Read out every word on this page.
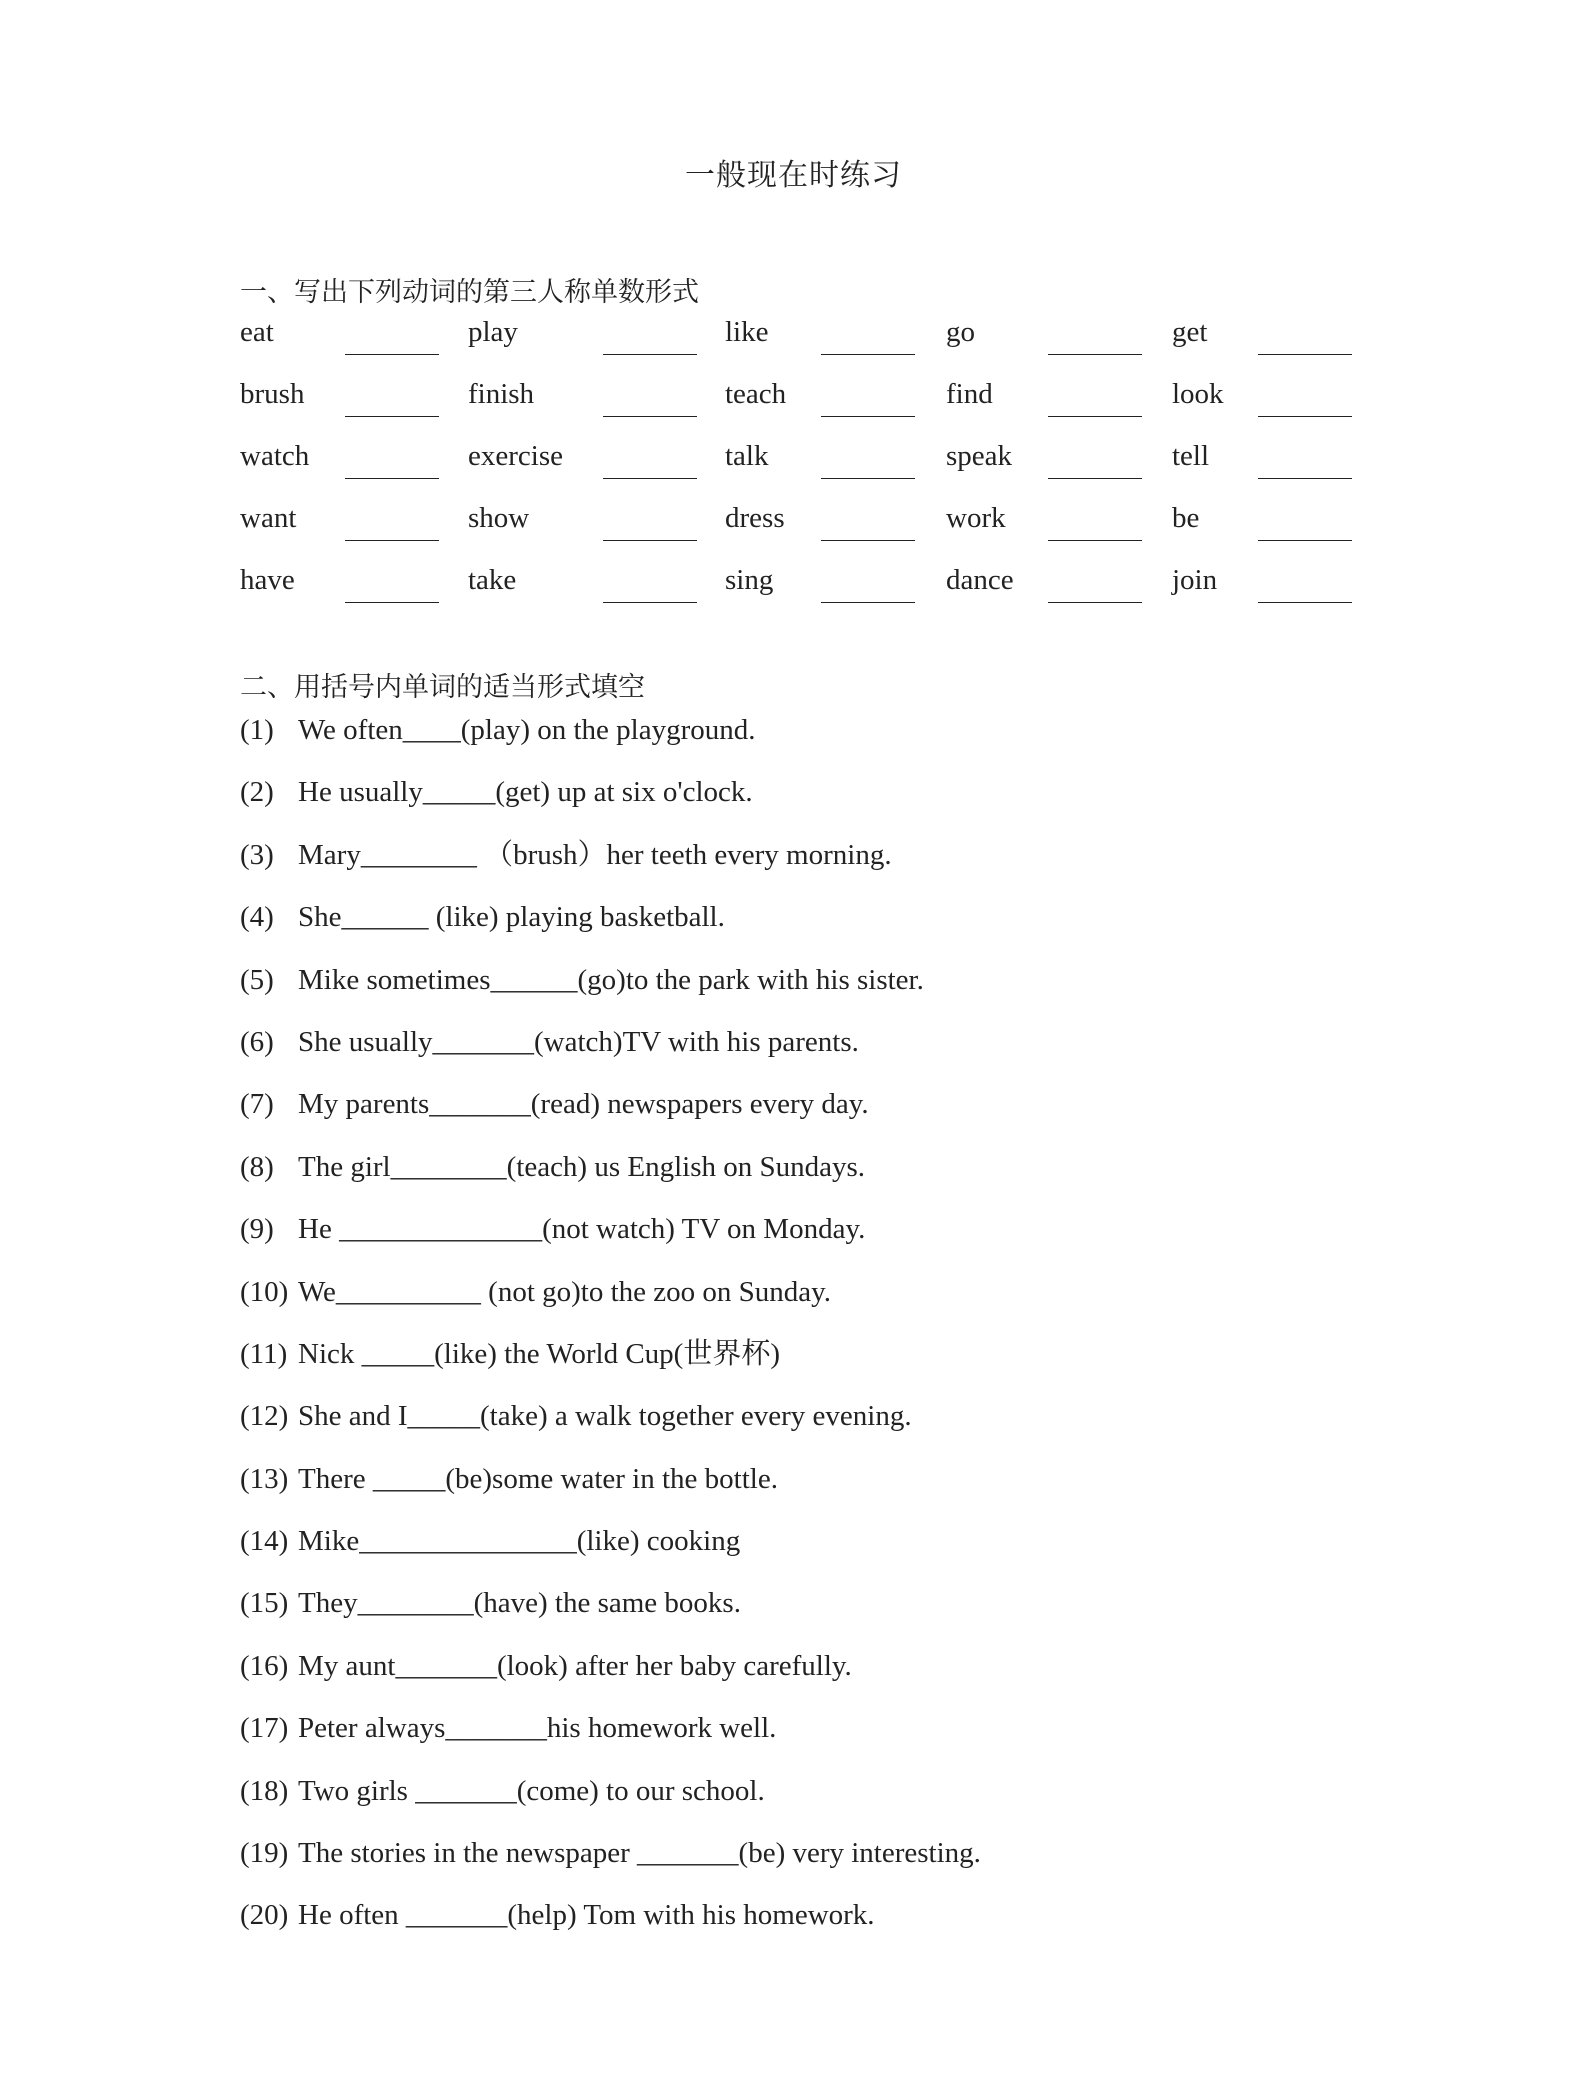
一般现在时练习
一、写出下列动词的第三人称单数形式
eat	play	like	go	get
brush	finish	teach	find	look
watch	exercise	talk	speak	tell
want	show	dress	work	be
have	take	sing	dance	join
二、用括号内单词的适当形式填空
(1) We often____(play) on the playground.
(2) He usually_____(get) up at six o'clock.
(3) Mary________ （brush）her teeth every morning.
(4) She______ (like) playing basketball.
(5) Mike sometimes______(go)to the park with his sister.
(6) She usually_______(watch)TV with his parents.
(7) My parents_______(read) newspapers every day.
(8) The girl________(teach) us English on Sundays.
(9) He ______________(not watch) TV on Monday.
(10) We__________ (not go)to the zoo on Sunday.
(11) Nick _____(like) the World Cup(世界杯)
(12) She and I_____(take) a walk together every evening.
(13) There _____(be)some water in the bottle.
(14) Mike_______________(like) cooking
(15) They________(have) the same books.
(16) My aunt_______(look) after her baby carefully.
(17) Peter always_______his homework well.
(18) Two girls _______(come) to our school.
(19) The stories in the newspaper _______(be) very interesting.
(20) He often _______(help) Tom with his homework.
